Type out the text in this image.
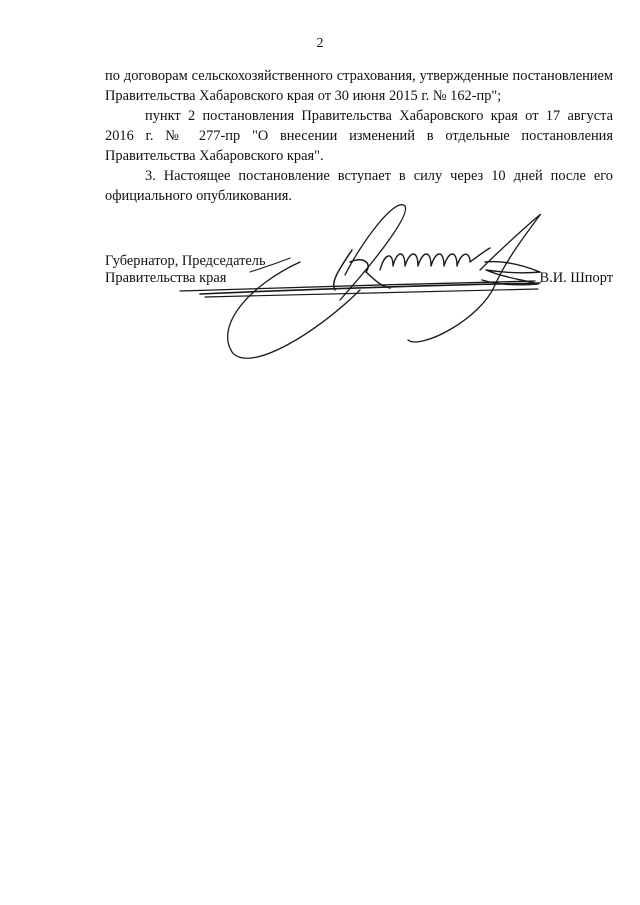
2

по договорам сельскохозяйственного страхования, утвержденные постановлением Правительства Хабаровского края от 30 июня 2015 г. № 162-пр";

пункт 2 постановления Правительства Хабаровского края от 17 августа 2016 г. № 277-пр "О внесении изменений в отдельные постановления Правительства Хабаровского края".

3. Настоящее постановление вступает в силу через 10 дней после его официального опубликования.

Губернатор, Председатель
Правительства края	В.И. Шпорт
